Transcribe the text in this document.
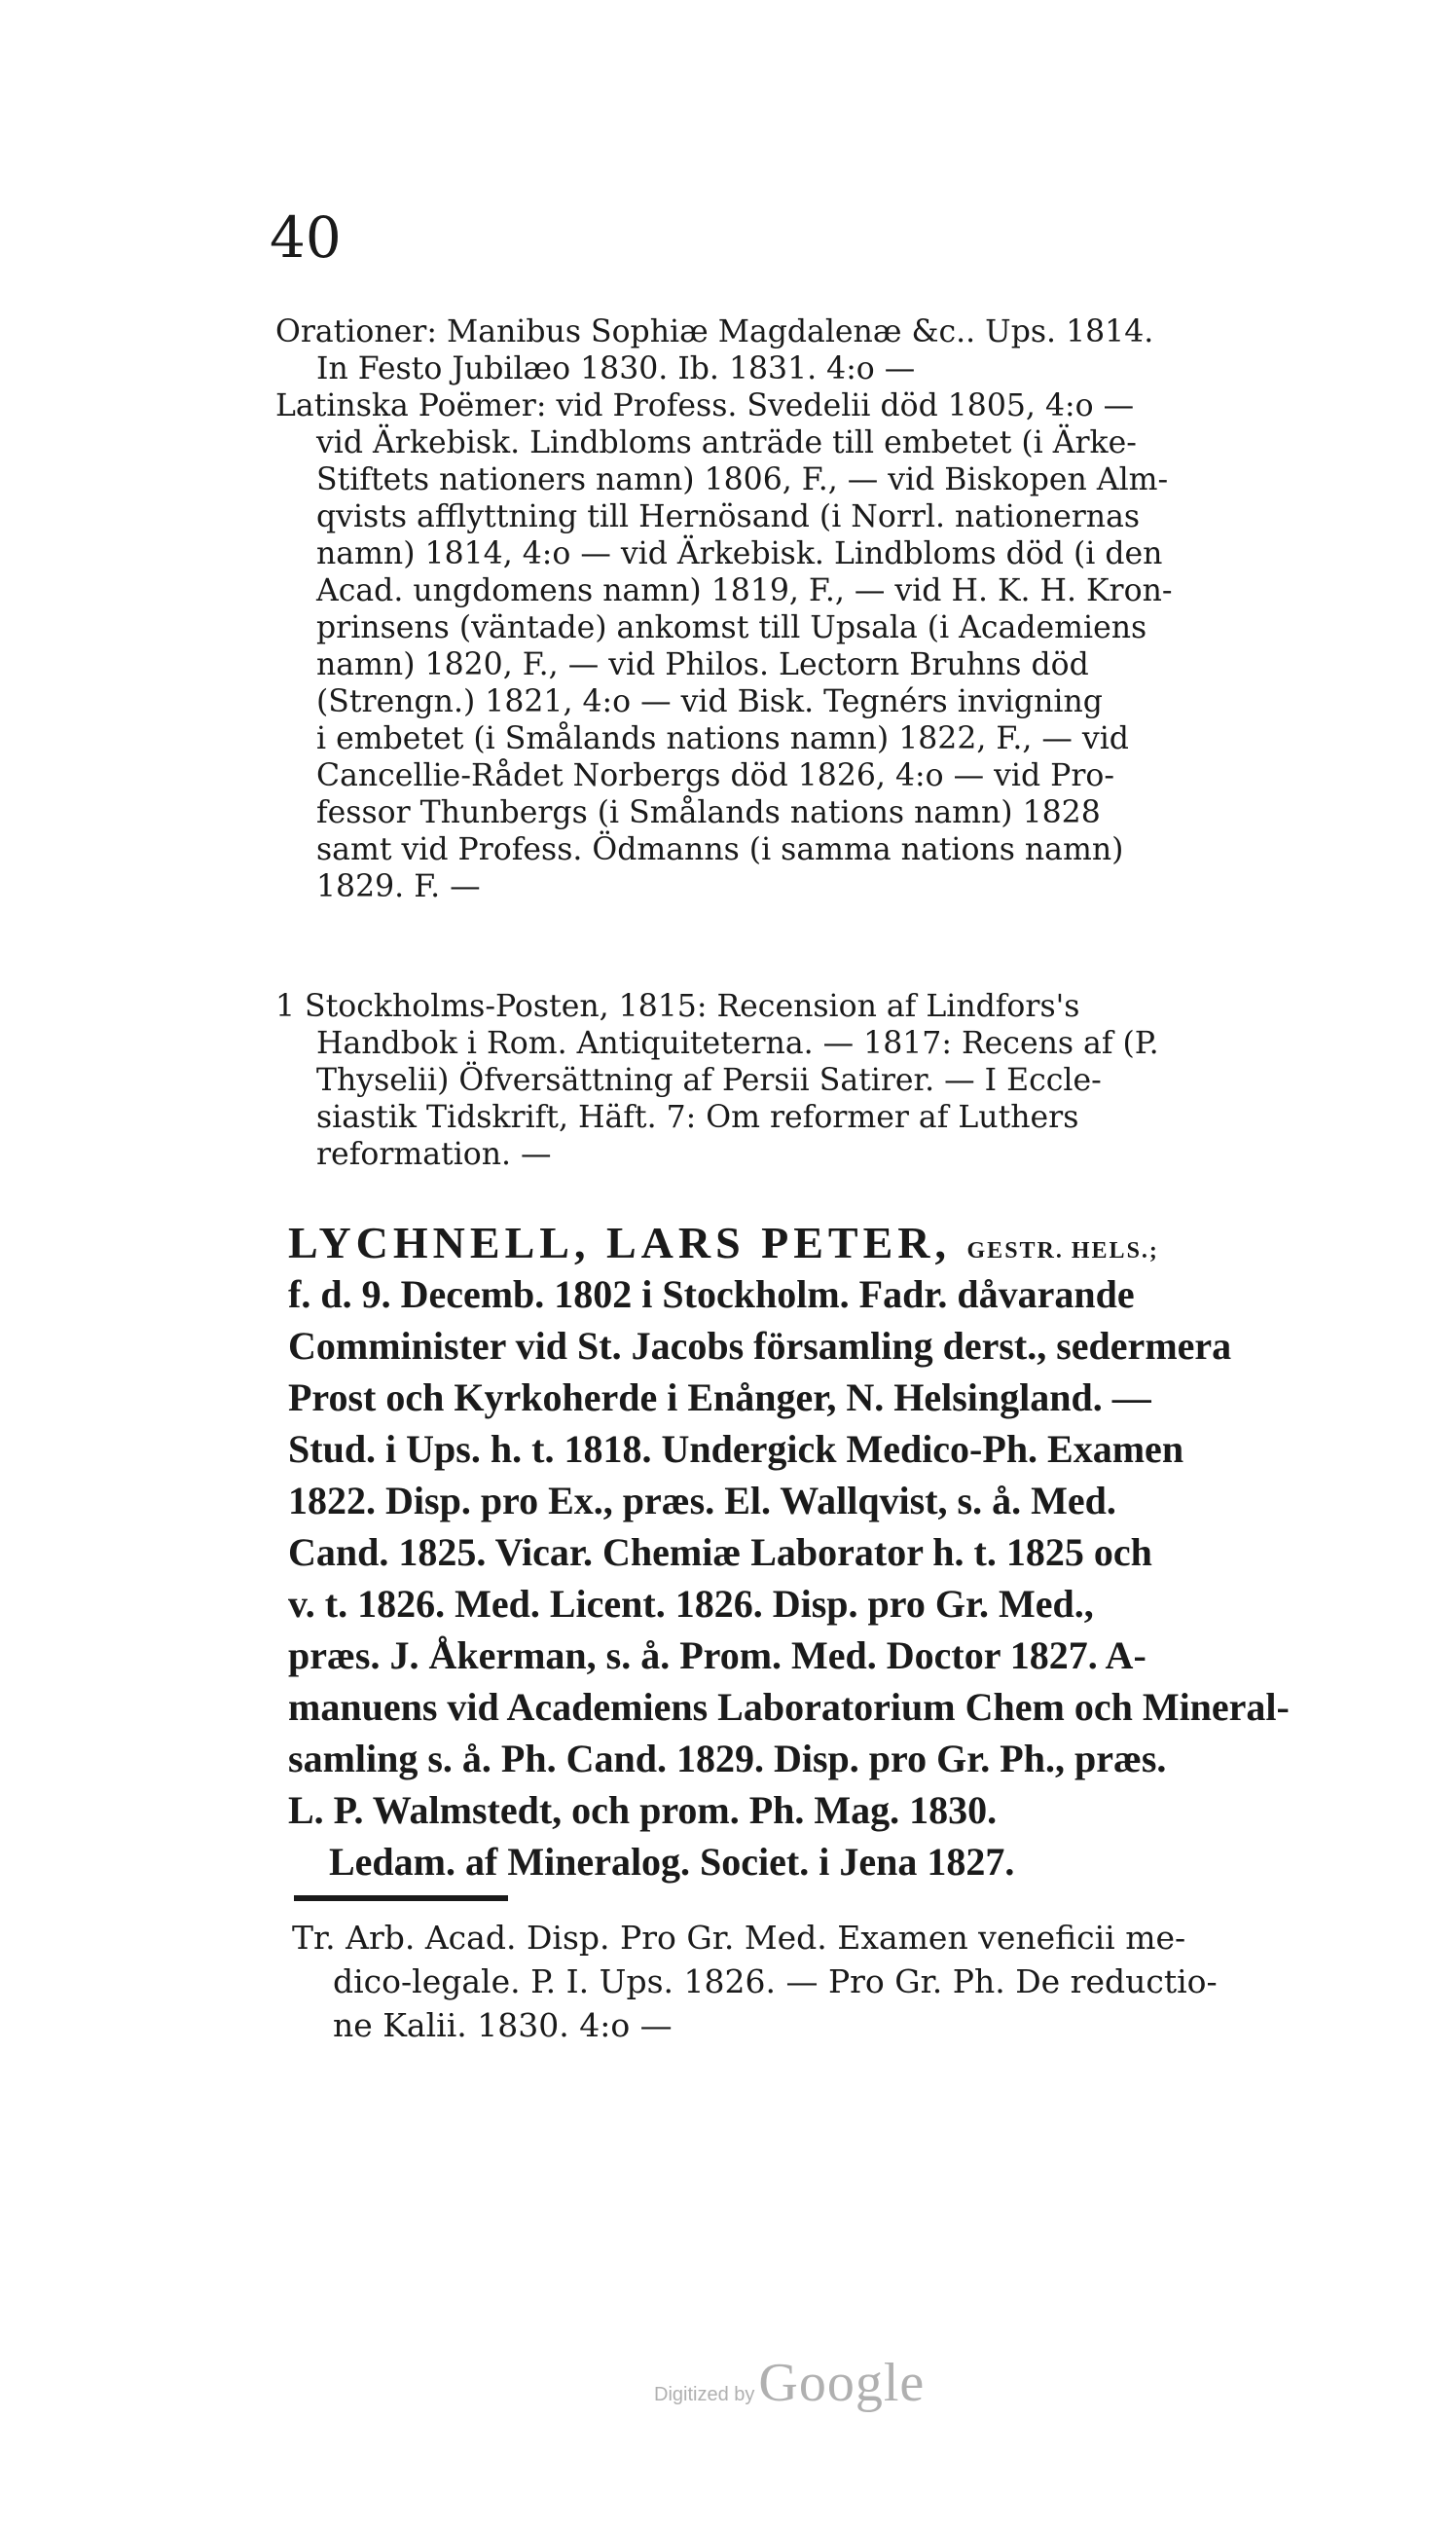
40
Orationer: Manibus Sophiæ Magdalenæ &c.. Ups. 1814.
In Festo Jubilæo 1830. Ib. 1831. 4:o —
Latinska Poëmer: vid Profess. Svedelii död 1805, 4:o —
vid Ärkebisk. Lindbloms anträde till embetet (i Ärke-
Stiftets nationers namn) 1806, F., — vid Biskopen Alm-
qvists afflyttning till Hernösand (i Norrl. nationernas
namn) 1814, 4:o — vid Ärkebisk. Lindbloms död (i den
Acad. ungdomens namn) 1819, F., — vid H. K. H. Kron-
prinsens (väntade) ankomst till Upsala (i Academiens
namn) 1820, F., — vid Philos. Lectorn Bruhns död
(Strengn.) 1821, 4:o — vid Bisk. Tegnérs invigning
i embetet (i Smålands nations namn) 1822, F., — vid
Cancellie-Rådet Norbergs död 1826, 4:o — vid Pro-
fessor Thunbergs (i Smålands nations namn) 1828
samt vid Profess. Ödmanns (i samma nations namn)
1829. F. —
1 Stockholms-Posten, 1815: Recension af Lindfors's
Handbok i Rom. Antiquiteterna. — 1817: Recens af (P.
Thyselii) Öfversättning af Persii Satirer. — I Eccle-
siastik Tidskrift, Häft. 7: Om reformer af Luthers
reformation. —
LYCHNELL, LARS PETER, GESTR. HELS.;
f. d. 9. Decemb. 1802 i Stockholm. Fadr. dåvarande
Comminister vid St. Jacobs församling derst., sedermera
Prost och Kyrkoherde i Enånger, N. Helsingland. —
Stud. i Ups. h. t. 1818. Undergick Medico-Ph. Examen
1822. Disp. pro Ex., præs. El. Wallqvist, s. å. Med.
Cand. 1825. Vicar. Chemiæ Laborator h. t. 1825 och
v. t. 1826. Med. Licent. 1826. Disp. pro Gr. Med.,
præs. J. Åkerman, s. å. Prom. Med. Doctor 1827. A-
manuens vid Academiens Laboratorium Chem och Mineral-
samling s. å. Ph. Cand. 1829. Disp. pro Gr. Ph., præs.
L. P. Walmstedt, och prom. Ph. Mag. 1830.
Ledam. af Mineralog. Societ. i Jena 1827.
Tr. Arb. Acad. Disp. Pro Gr. Med. Examen veneficii me-
dico-legale. P. I. Ups. 1826. — Pro Gr. Ph. De reductio-
ne Kalii. 1830. 4:o —
Digitized by Google
